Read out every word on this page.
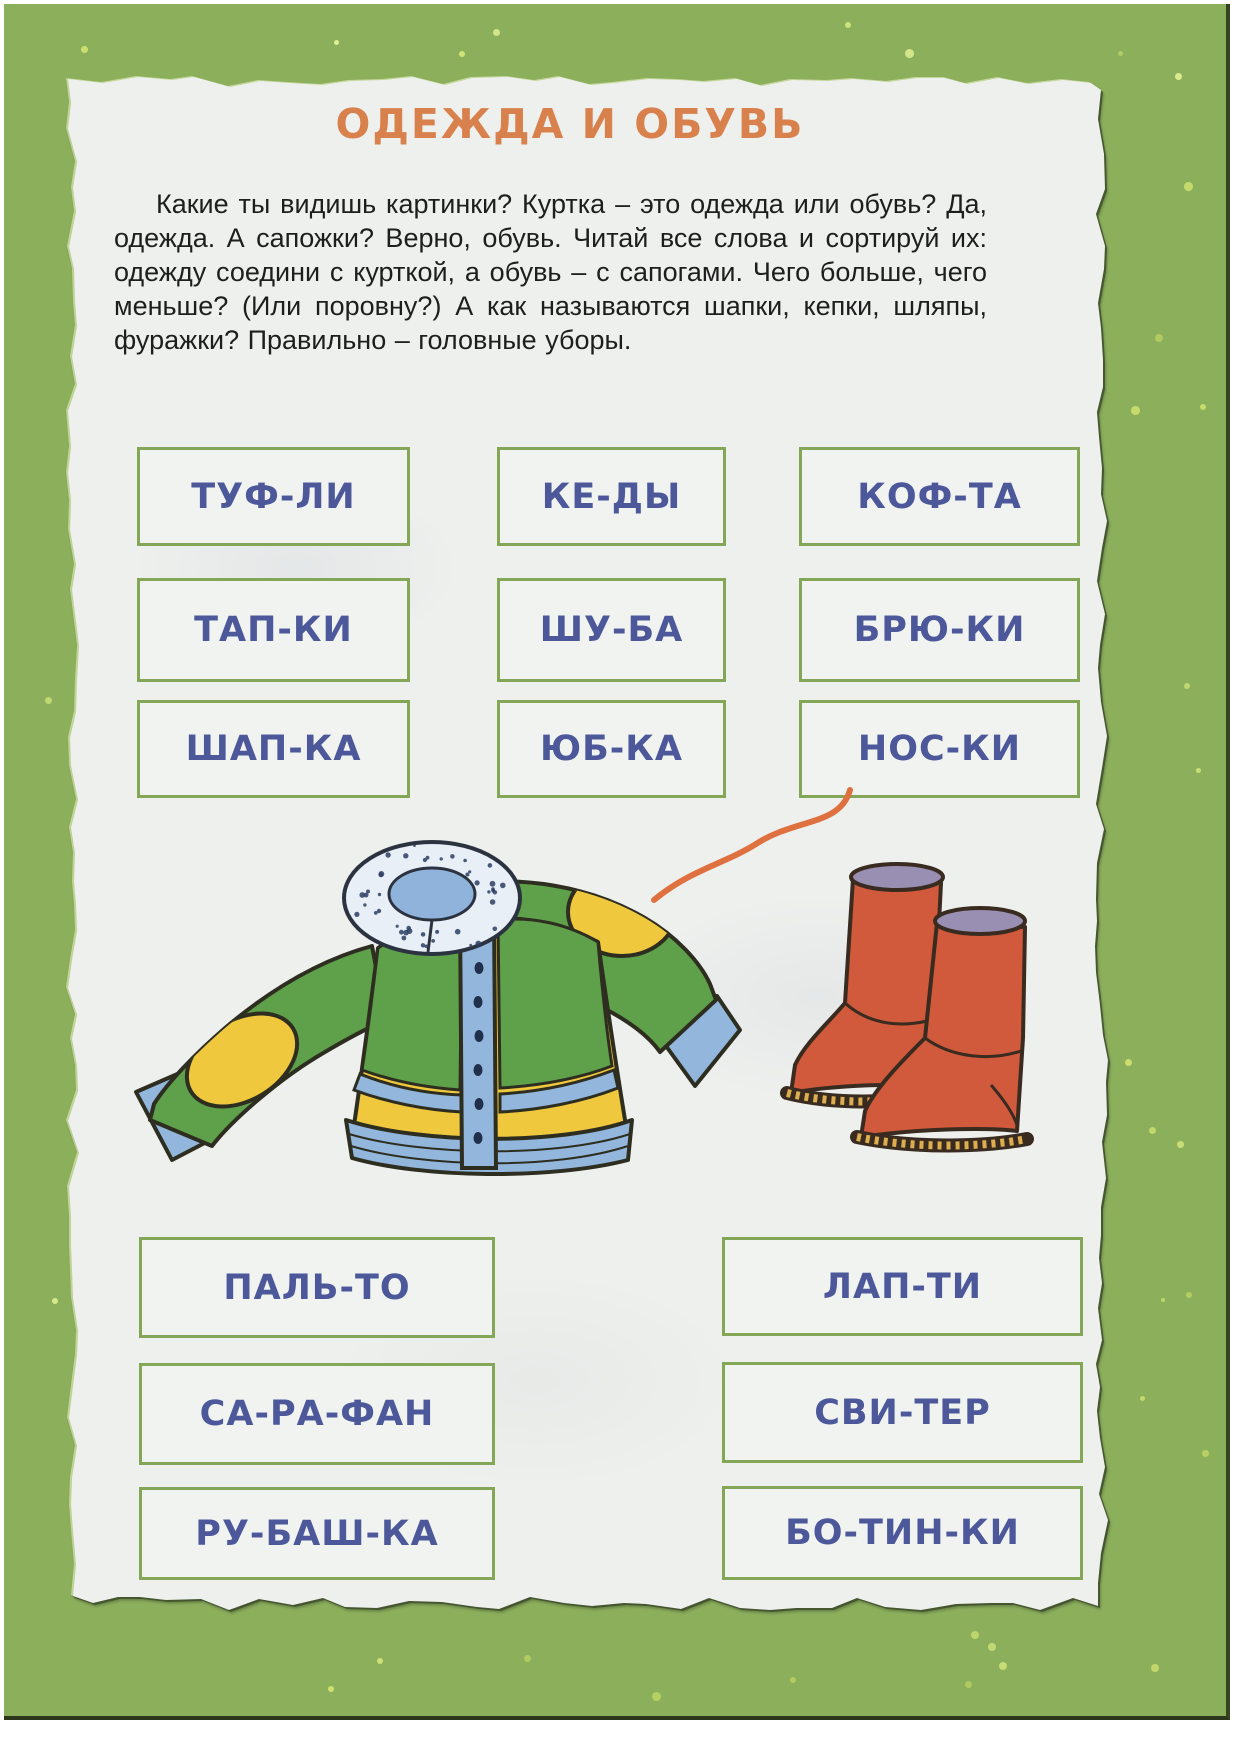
ОДЕЖДА И ОБУВЬ

Какие ты видишь картинки? Куртка – это одежда или обувь? Да, одежда. А сапожки? Верно, обувь. Читай все слова и сортируй их: одежду соедини с курткой, а обувь – с сапогами. Чего больше, чего меньше? (Или поровну?) А как называются шапки, кепки, шляпы, фуражки? Правильно – головные уборы.

ТУФ-ЛИ	КЕ-ДЫ	КОФ-ТА
ТАП-КИ	ШУ-БА	БРЮ-КИ
ШАП-КА	ЮБ-КА	НОС-КИ
ПАЛЬ-ТО
СА-РА-ФАН
РУ-БАШ-КА
ЛАП-ТИ
СВИ-ТЕР
БО-ТИН-КИ
